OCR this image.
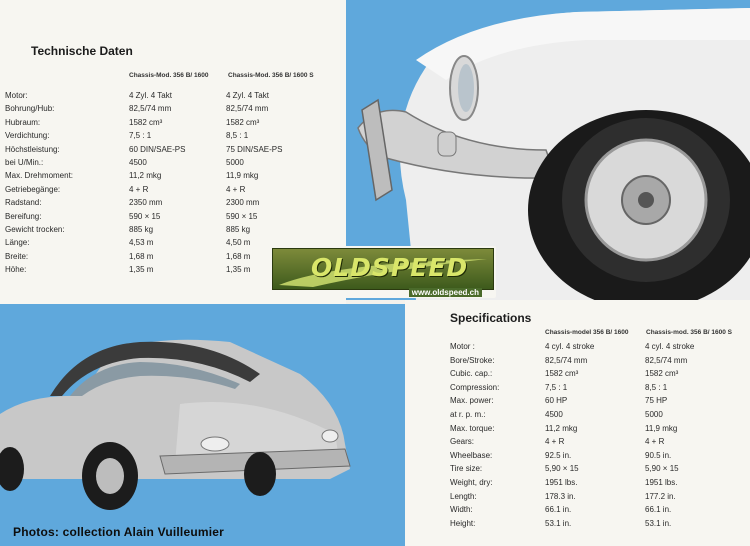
Technische Daten
Chassis-Mod. 356 B/ 1600	Chassis-Mod. 356 B/ 1600 S
Motor:	4 Zyl. 4 Takt	4 Zyl. 4 Takt
Bohrung/Hub:	82,5/74 mm	82,5/74 mm
Hubraum:	1582 cm³	1582 cm³
Verdichtung:	7,5 : 1	8,5 : 1
Höchstleistung:	60 DIN/SAE-PS	75 DIN/SAE-PS
bei U/Min.:	4500	5000
Max. Drehmoment:	11,2 mkg	11,9 mkg
Getriebegänge:	4 + R	4 + R
Radstand:	2350 mm	2300 mm
Bereifung:	590 × 15	590 × 15
Gewicht trocken:	885 kg	885 kg
Länge:	4,53 m	4,50 m
Breite:	1,68 m	1,68 m
Höhe:	1,35 m	1,35 m
Specifications
Chassis-model 356 B/ 1600	Chassis-mod. 356 B/ 1600 S
Motor :	4 cyl. 4 stroke	4 cyl. 4 stroke
Bore/Stroke:	82,5/74 mm	82,5/74 mm
Cubic. cap.:	1582 cm³	1582 cm³
Compression:	7,5 : 1	8,5 : 1
Max. power:	60 HP	75 HP
at r. p. m.:	4500	5000
Max. torque:	11,2 mkg	11,9 mkg
Gears:	4 + R	4 + R
Wheelbase:	92.5 in.	90.5 in.
Tire size:	5,90 × 15	5,90 × 15
Weight, dry:	1951 lbs.	1951 lbs.
Length:	178.3 in.	177.2 in.
Width:	66.1 in.	66.1 in.
Height:	53.1 in.	53.1 in.
OLDSPEED
www.oldspeed.ch
Photos: collection Alain Vuilleumier
